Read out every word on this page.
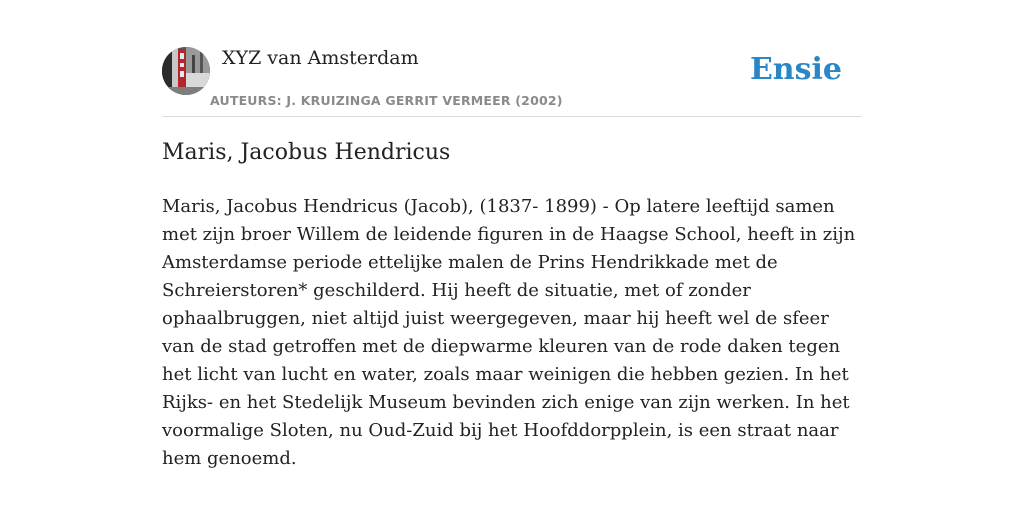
XYZ van Amsterdam
AUTEURS: J. KRUIZINGA GERRIT VERMEER (2002)
Ensie
Maris, Jacobus Hendricus

Maris, Jacobus Hendricus (Jacob), (1837- 1899) - Op latere leeftijd samen met zijn broer Willem de leidende figuren in de Haagse School, heeft in zijn Amsterdamse periode ettelijke malen de Prins Hendrikkade met de Schreierstoren* geschilderd. Hij heeft de situatie, met of zonder ophaalbruggen, niet altijd juist weergegeven, maar hij heeft wel de sfeer van de stad getroffen met de diepwarme kleuren van de rode daken tegen het licht van lucht en water, zoals maar weinigen die hebben gezien. In het Rijks- en het Stedelijk Museum bevinden zich enige van zijn werken. In het voormalige Sloten, nu Oud-Zuid bij het Hoofddorpplein, is een straat naar hem genoemd.
